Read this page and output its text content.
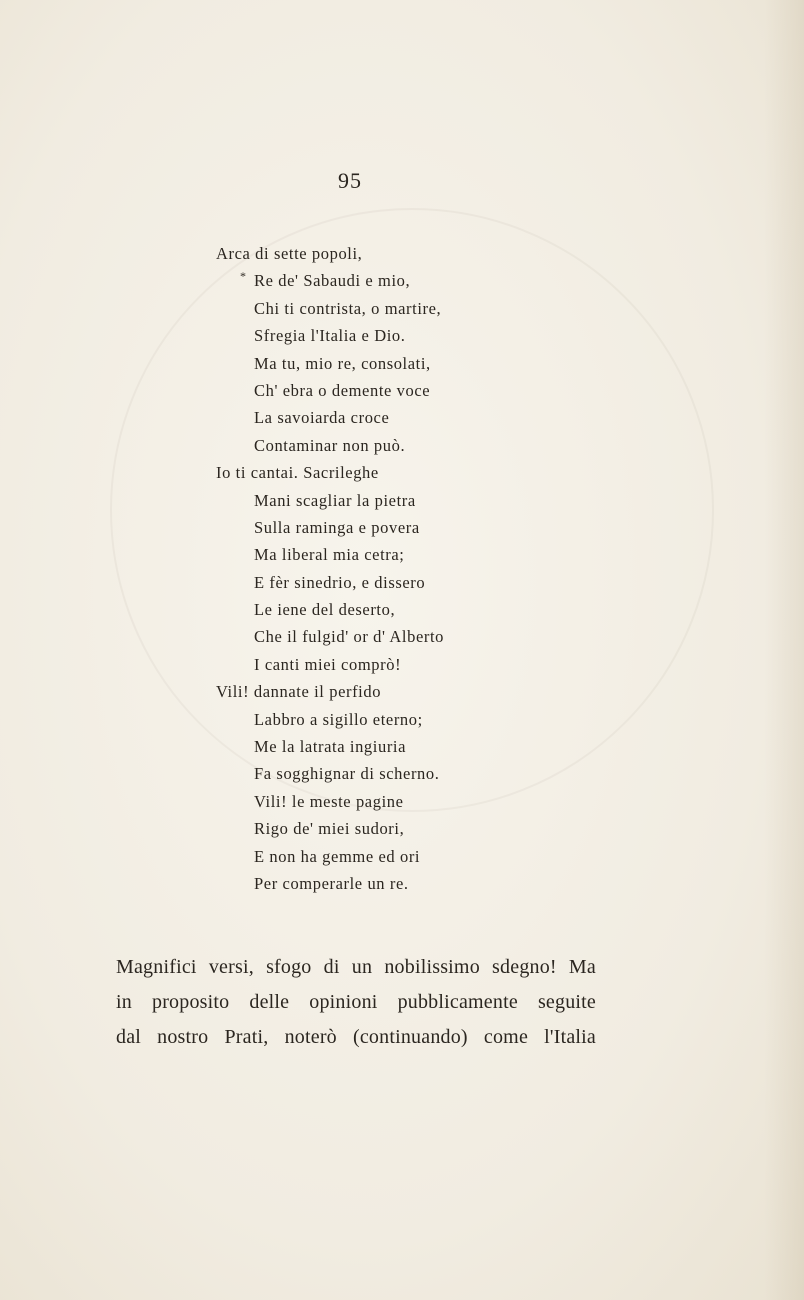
95
Arca di sette popoli,
* Re de' Sabaudi e mio,
Chi ti contrista, o martire,
Sfregia l'Italia e Dio.
Ma tu, mio re, consolati,
Ch' ebra o demente voce
La savoiarda croce
Contaminar non può.
Io ti cantai. Sacrileghe
Mani scagliar la pietra
Sulla raminga e povera
Ma liberal mia cetra;
E fèr sinedrio, e dissero
Le iene del deserto,
Che il fulgid' or d' Alberto
I canti miei comprò!
Vili! dannate il perfido
Labbro a sigillo eterno;
Me la latrata ingiuria
Fa sogghignar di scherno.
Vili! le meste pagine
Rigo de' miei sudori,
E non ha gemme ed ori
Per comperarle un re.
Magnifici versi, sfogo di un nobilissimo sdegno! Ma
in proposito delle opinioni pubblicamente seguite
dal nostro Prati, noterò (continuando) come l'Italia
